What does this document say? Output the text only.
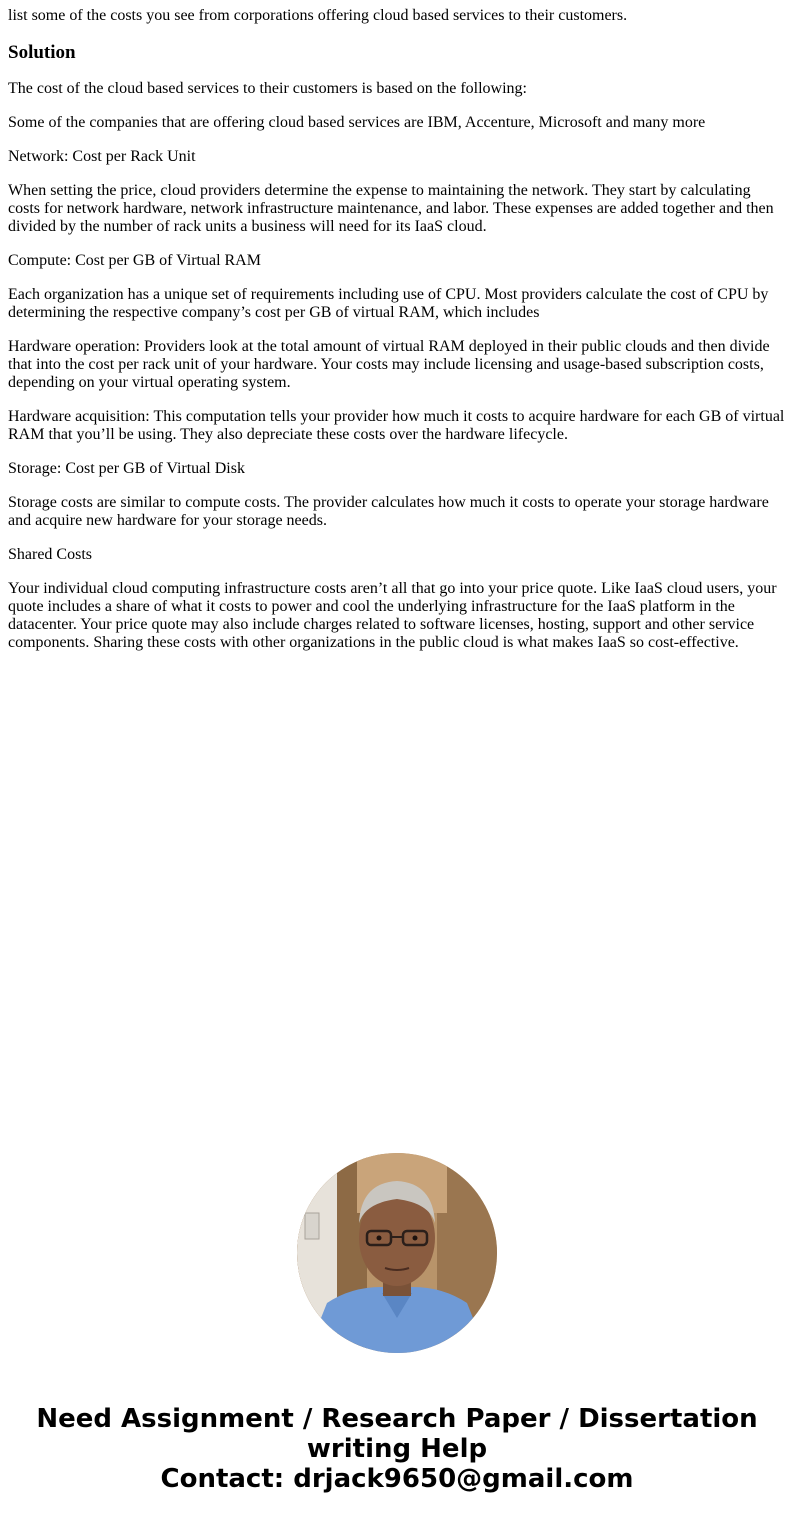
list some of the costs you see from corporations offering cloud based services to their customers.

Solution

The cost of the cloud based services to their customers is based on the following:

Some of the companies that are offering cloud based services are IBM, Accenture, Microsoft and many more

Network: Cost per Rack Unit

When setting the price, cloud providers determine the expense to maintaining the network. They start by calculating costs for network hardware, network infrastructure maintenance, and labor. These expenses are added together and then divided by the number of rack units a business will need for its IaaS cloud.

Compute: Cost per GB of Virtual RAM

Each organization has a unique set of requirements including use of CPU. Most providers calculate the cost of CPU by determining the respective company’s cost per GB of virtual RAM, which includes

Hardware operation: Providers look at the total amount of virtual RAM deployed in their public clouds and then divide that into the cost per rack unit of your hardware. Your costs may include licensing and usage-based subscription costs, depending on your virtual operating system.

Hardware acquisition: This computation tells your provider how much it costs to acquire hardware for each GB of virtual RAM that you’ll be using. They also depreciate these costs over the hardware lifecycle.

Storage: Cost per GB of Virtual Disk

Storage costs are similar to compute costs. The provider calculates how much it costs to operate your storage hardware and acquire new hardware for your storage needs.

Shared Costs

Your individual cloud computing infrastructure costs aren’t all that go into your price quote. Like IaaS cloud users, your quote includes a share of what it costs to power and cool the underlying infrastructure for the IaaS platform in the datacenter. Your price quote may also include charges related to software licenses, hosting, support and other service components. Sharing these costs with other organizations in the public cloud is what makes IaaS so cost-effective.

Need Assignment / Research Paper / Dissertation
writing Help
Contact: drjack9650@gmail.com
